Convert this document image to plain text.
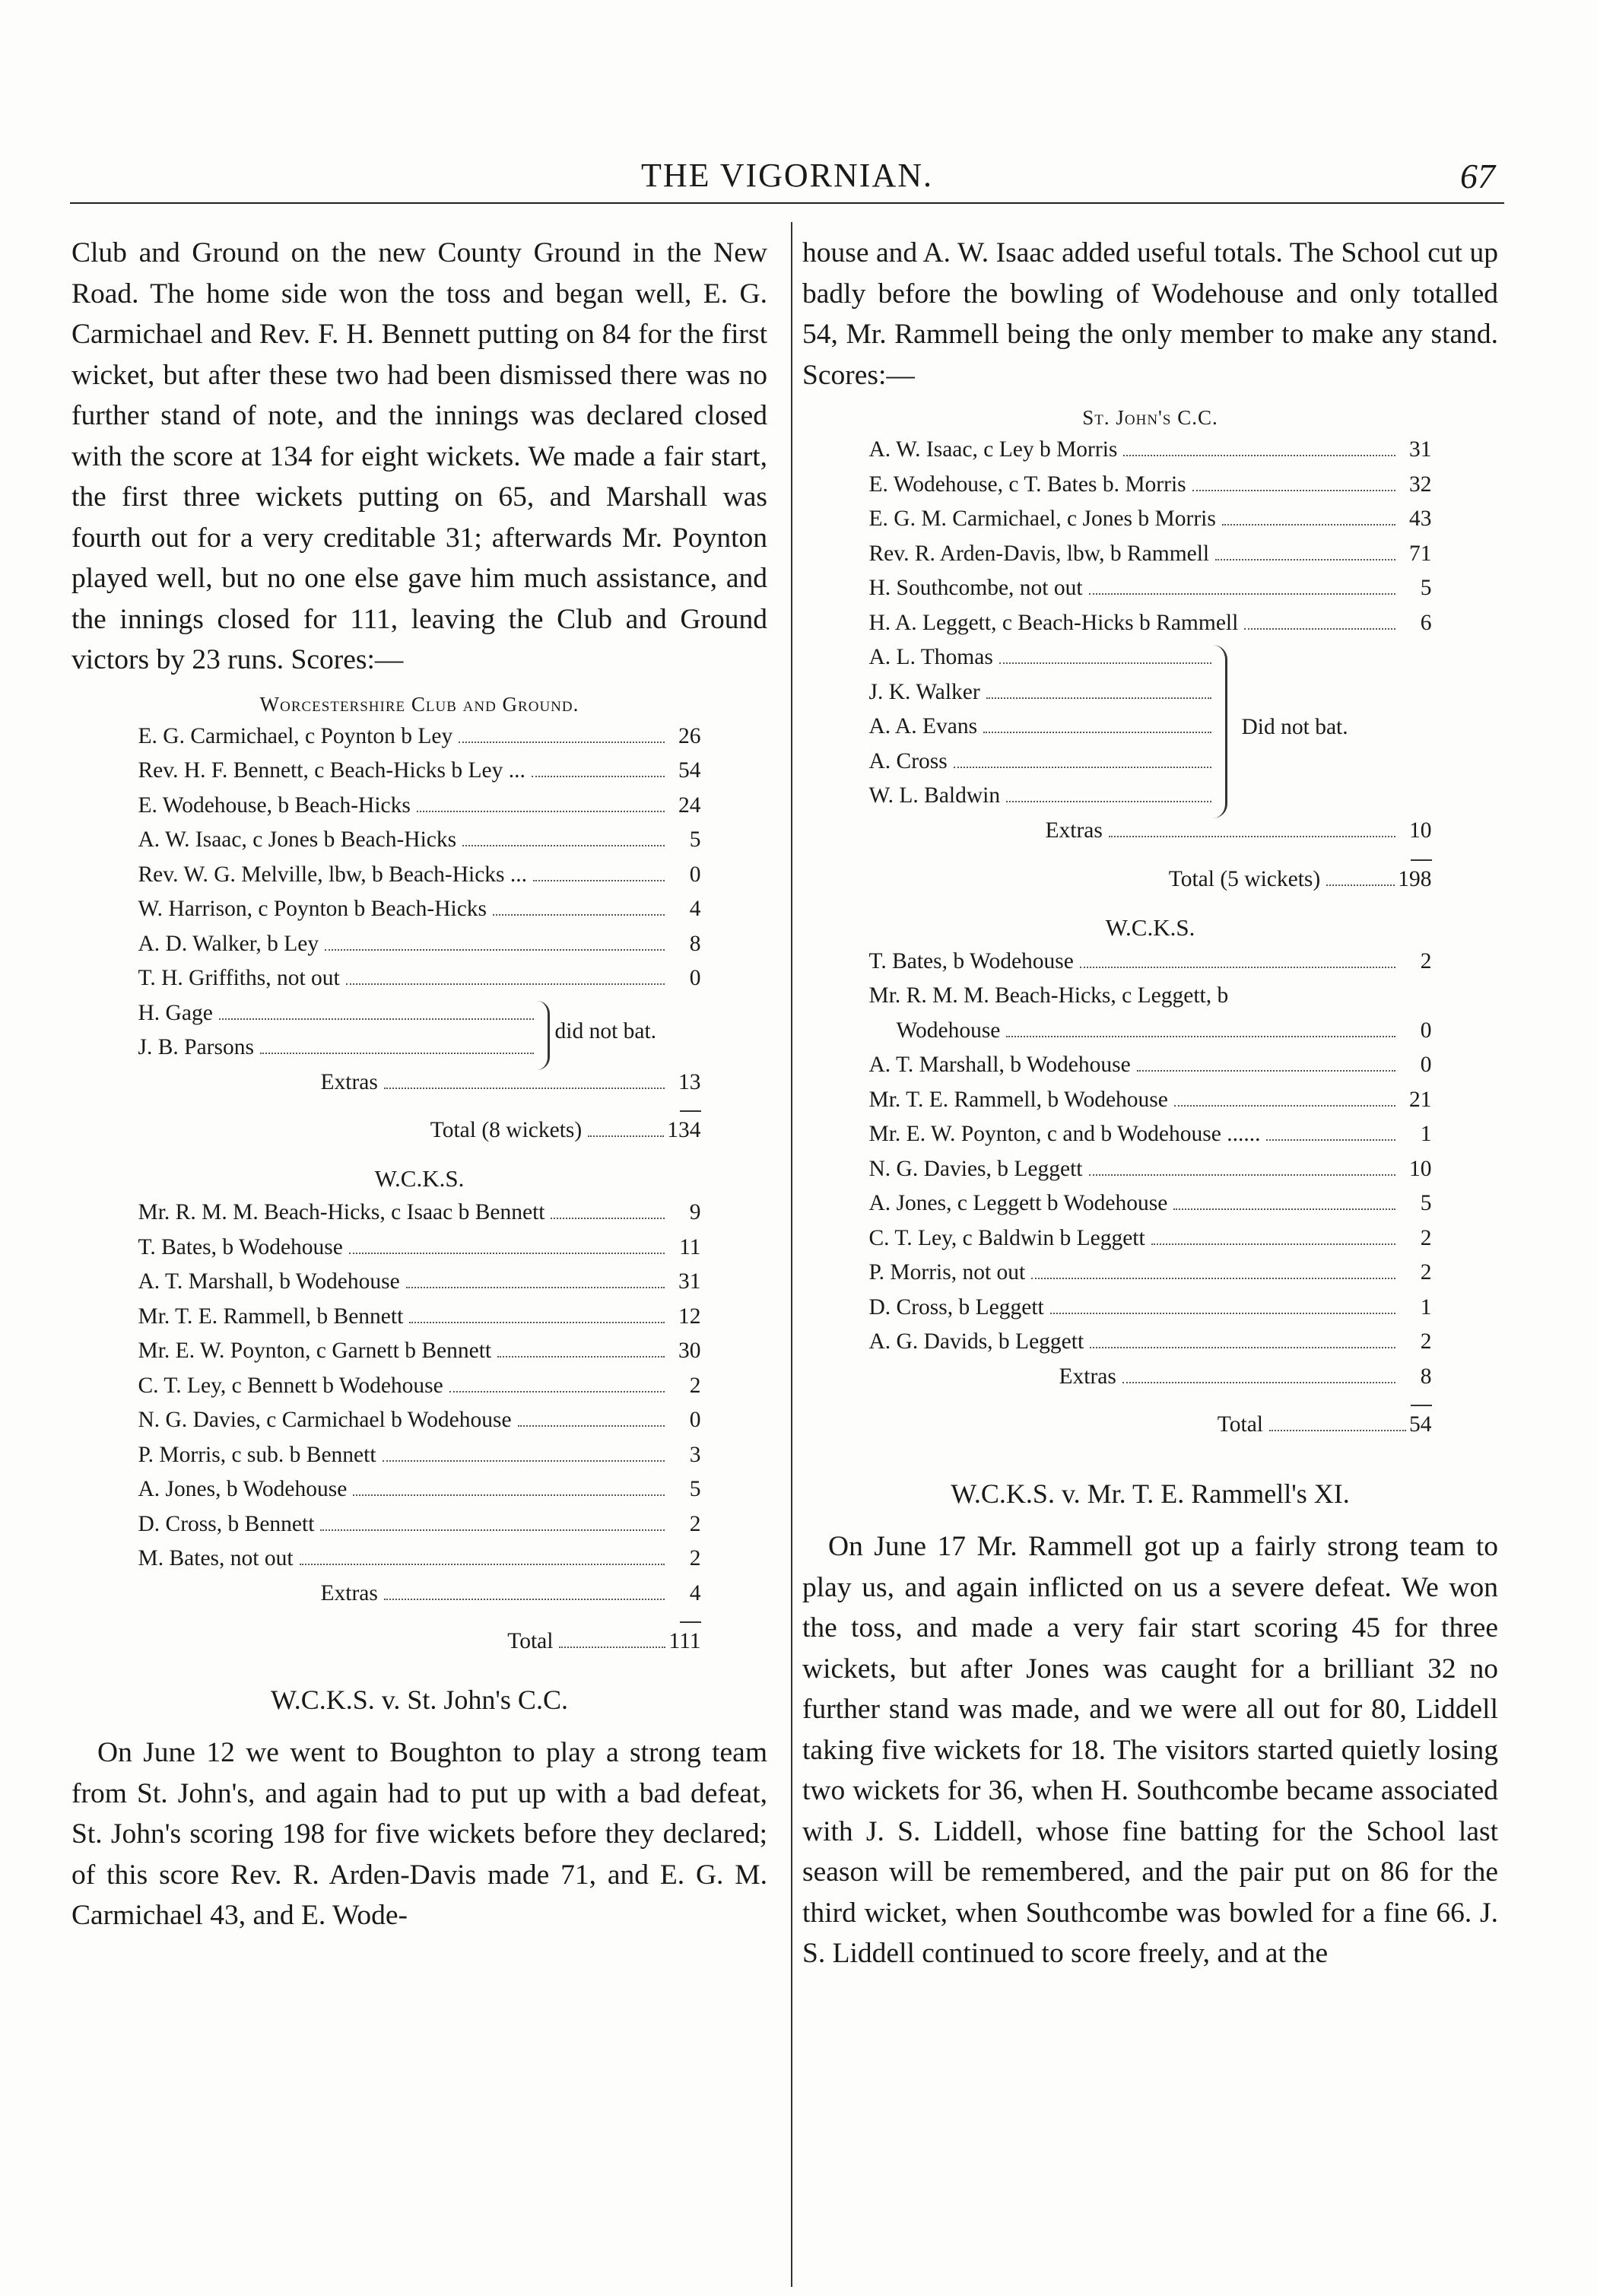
THE VIGORNIAN.	67

Club and Ground on the new County Ground in the New Road. The home side won the toss and began well, E. G. Carmichael and Rev. F. H. Bennett putting on 84 for the first wicket, but after these two had been dismissed there was no further stand of note, and the innings was declared closed with the score at 134 for eight wickets. We made a fair start, the first three wickets putting on 65, and Marshall was fourth out for a very creditable 31; afterwards Mr. Poynton played well, but no one else gave him much assistance, and the innings closed for 111, leaving the Club and Ground victors by 23 runs. Scores:—

Worcestershire Club and Ground.
E. G. Carmichael, c Poynton b Ley	26
Rev. H. F. Bennett, c Beach-Hicks b Ley ...	54
E. Wodehouse, b Beach-Hicks	24
A. W. Isaac, c Jones b Beach-Hicks	5
Rev. W. G. Melville, lbw, b Beach-Hicks ...	0
W. Harrison, c Poynton b Beach-Hicks	4
A. D. Walker, b Ley	8
T. H. Griffiths, not out	0
H. Gage
J. B. Parsons
did not bat.
Extras	13
Total (8 wickets)	134
W.C.K.S.
Mr. R. M. M. Beach-Hicks, c Isaac b Bennett	9
T. Bates, b Wodehouse	11
A. T. Marshall, b Wodehouse	31
Mr. T. E. Rammell, b Bennett	12
Mr. E. W. Poynton, c Garnett b Bennett	30
C. T. Ley, c Bennett b Wodehouse	2
N. G. Davies, c Carmichael b Wodehouse	0
P. Morris, c sub. b Bennett	3
A. Jones, b Wodehouse	5
D. Cross, b Bennett	2
M. Bates, not out	2
Extras	4
Total	111
W.C.K.S. v. St. John's C.C.

On June 12 we went to Boughton to play a strong team from St. John's, and again had to put up with a bad defeat, St. John's scoring 198 for five wickets before they declared; of this score Rev. R. Arden-Davis made 71, and E. G. M. Carmichael 43, and E. Wode-

house and A. W. Isaac added useful totals. The School cut up badly before the bowling of Wodehouse and only totalled 54, Mr. Rammell being the only member to make any stand. Scores:—

St. John's C.C.
A. W. Isaac, c Ley b Morris	31
E. Wodehouse, c T. Bates b. Morris	32
E. G. M. Carmichael, c Jones b Morris	43
Rev. R. Arden-Davis, lbw, b Rammell	71
H. Southcombe, not out	5
H. A. Leggett, c Beach-Hicks b Rammell	6
A. L. Thomas
J. K. Walker
A. A. Evans
A. Cross
W. L. Baldwin
Did not bat.
Extras	10
Total (5 wickets)	198
W.C.K.S.
T. Bates, b Wodehouse	2
Mr. R. M. M. Beach-Hicks, c Leggett, b
Wodehouse	0
A. T. Marshall, b Wodehouse	0
Mr. T. E. Rammell, b Wodehouse	21
Mr. E. W. Poynton, c and b Wodehouse ......	1
N. G. Davies, b Leggett	10
A. Jones, c Leggett b Wodehouse	5
C. T. Ley, c Baldwin b Leggett	2
P. Morris, not out	2
D. Cross, b Leggett	1
A. G. Davids, b Leggett	2
Extras	8
Total	54
W.C.K.S. v. Mr. T. E. Rammell's XI.

On June 17 Mr. Rammell got up a fairly strong team to play us, and again inflicted on us a severe defeat. We won the toss, and made a very fair start scoring 45 for three wickets, but after Jones was caught for a brilliant 32 no further stand was made, and we were all out for 80, Liddell taking five wickets for 18. The visitors started quietly losing two wickets for 36, when H. Southcombe became associated with J. S. Liddell, whose fine batting for the School last season will be remembered, and the pair put on 86 for the third wicket, when Southcombe was bowled for a fine 66. J. S. Liddell continued to score freely, and at the
